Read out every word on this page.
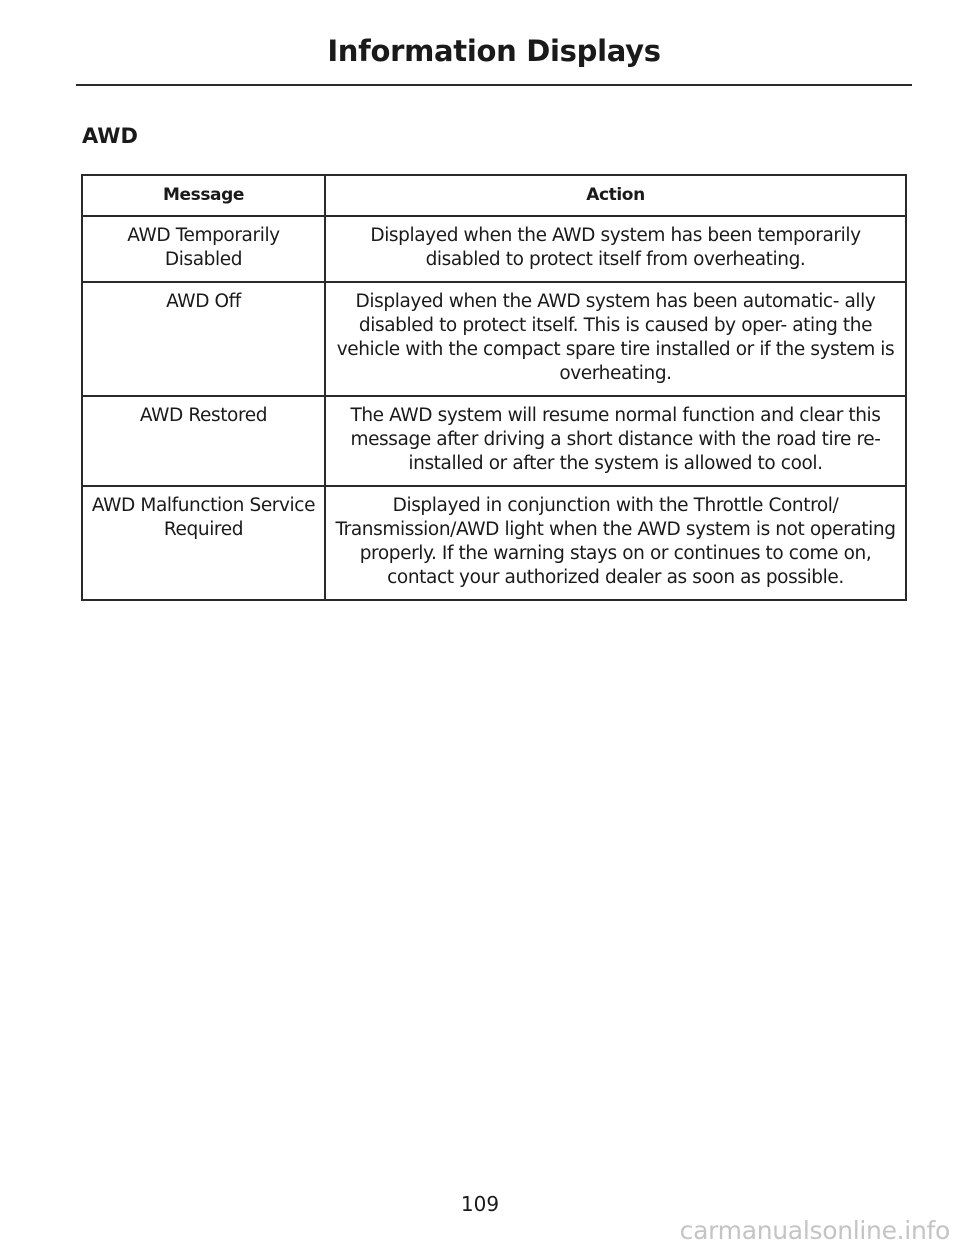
Information Displays
AWD
Message	Action
AWD Temporarily Disabled	Displayed when the AWD system has been temporarily disabled to protect itself from overheating.
AWD Off	Displayed when the AWD system has been automatic- ally disabled to protect itself. This is caused by oper- ating the vehicle with the compact spare tire installed or if the system is overheating.
AWD Restored	The AWD system will resume normal function and clear this message after driving a short distance with the road tire re-installed or after the system is allowed to cool.
AWD Malfunction Service Required	Displayed in conjunction with the Throttle Control/ Transmission/AWD light when the AWD system is not operating properly. If the warning stays on or continues to come on, contact your authorized dealer as soon as possible.
109
carmanualsonline.info
